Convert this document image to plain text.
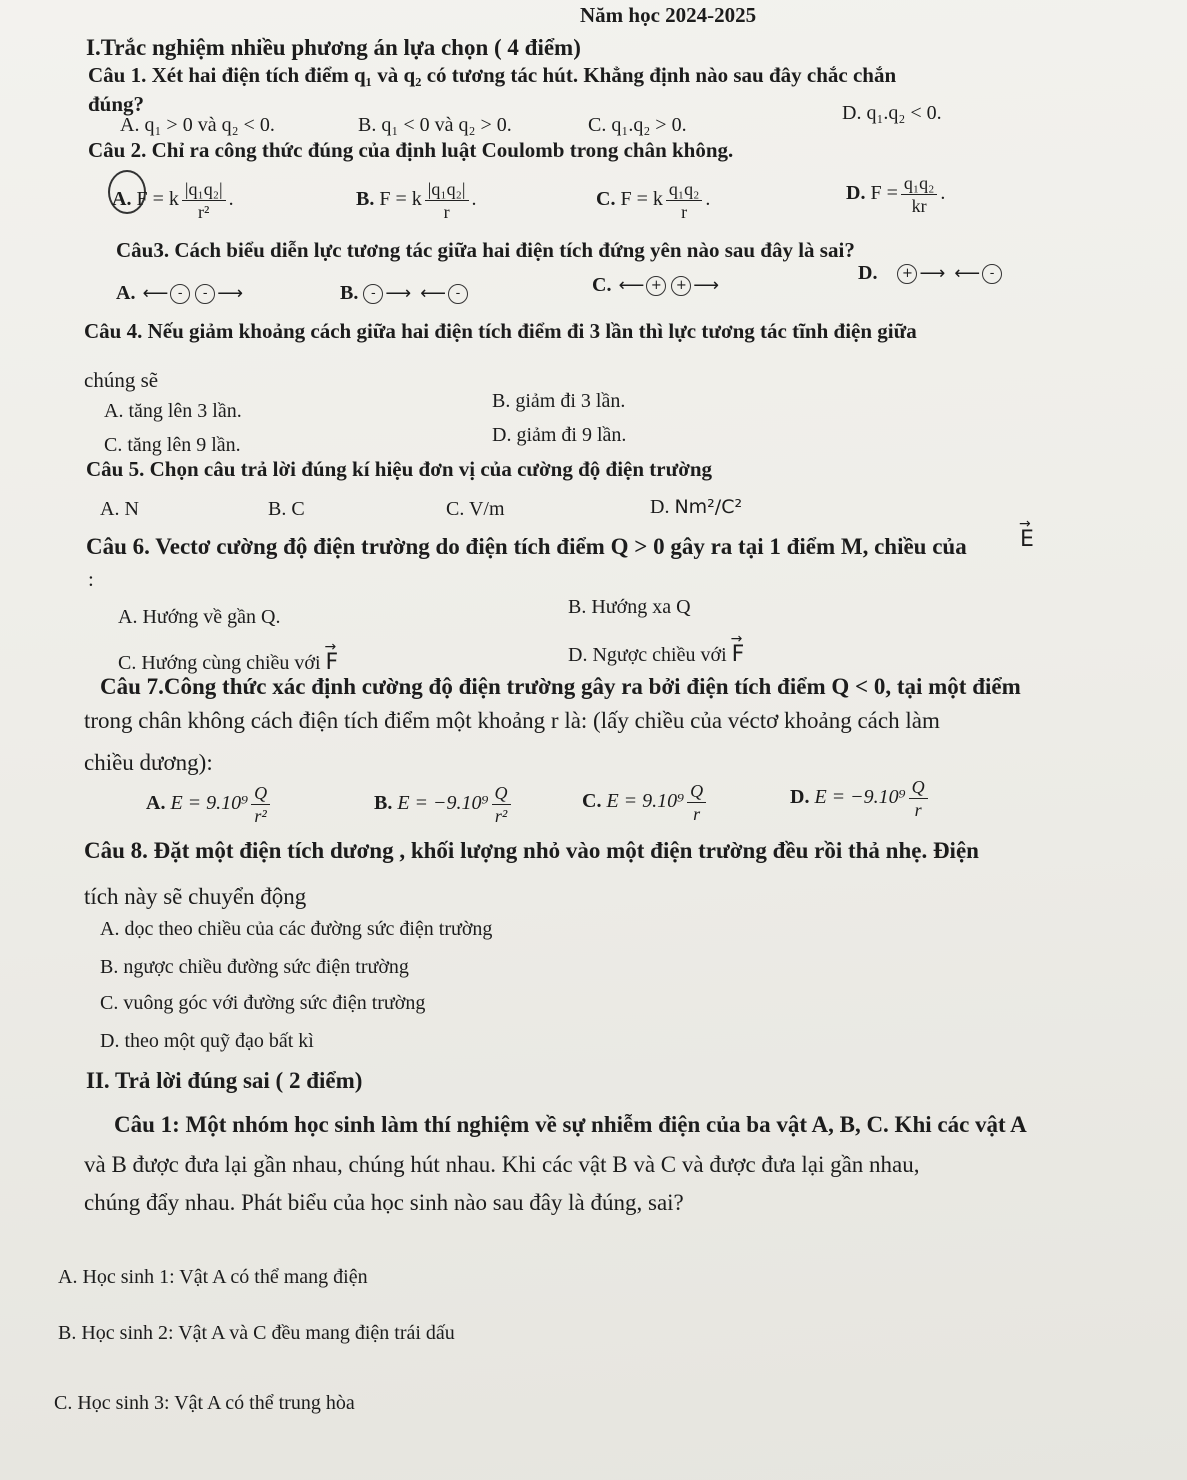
Năm học 2024-2025
I.Trắc nghiệm nhiều phương án lựa chọn ( 4 điểm)
Câu 1. Xét hai điện tích điểm q₁ và q₂ có tương tác hút. Khẳng định nào sau đây chắc chắn
đúng?
A. q₁ > 0 và q₂ < 0.	B. q₁ < 0 và q₂ > 0.	C. q₁.q₂ > 0.
D. q₁.q₂ < 0.
Câu 2. Chỉ ra công thức đúng của định luật Coulomb trong chân không.
A. F = k $\frac{\text{|q₁q₂|}}{\text{r²}}$ .	B. F = k $\frac{\text{|q₁q₂|}}{r}$ .	C. F = k $\frac{\text{q₁q₂}}{r}$ .	D. $F = \frac{\text{q₁q₂}}{kr}$ .
Câu3. Cách biểu diễn lực tương tác giữa hai điện tích đứng yên nào sau đây là sai?
A. ⟵ - - ⟶	B. - ⟶ ⟵ -	C. ⟵ + + ⟶
D. + ⟶ ⟵ -
Câu 4. Nếu giảm khoảng cách giữa hai điện tích điểm đi 3 lần thì lực tương tác tĩnh điện giữa
chúng sẽ
A. tăng lên 3 lần.	B. giảm đi 3 lần.
C. tăng lên 9 lần.	D. giảm đi 9 lần.
Câu 5. Chọn câu trả lời đúng kí hiệu đơn vị của cường độ điện trường
A. N	B. C	C. V/m	D. Nm²/C²
Câu 6. Vectơ cường độ điện trường do điện tích điểm Q > 0 gây ra tại 1 điểm M, chiều của → E
:
A. Hướng về gần Q.	B. Hướng xa Q
C. Hướng cùng chiều với → F	D. Ngược chiều với → F
Câu 7.Công thức xác định cường độ điện trường gây ra bởi điện tích điểm Q < 0, tại một điểm
trong chân không cách điện tích điểm một khoảng r là: (lấy chiều của véctơ khoảng cách làm
chiều dương):
A. $E = 9.10^9 \frac{Q}{\text{r²}}$	B. $E = -9.10^9 \frac{Q}{\text{r²}}$	C. $E = 9.10^9 \frac{Q}{r}$	D. $E = -9.10^9 \frac{Q}{r}$
Câu 8. Đặt một điện tích dương , khối lượng nhỏ vào một điện trường đều rồi thả nhẹ. Điện
tích này sẽ chuyển động
A. dọc theo chiều của các đường sức điện trường
B. ngược chiều đường sức điện trường
C. vuông góc với đường sức điện trường
D. theo một quỹ đạo bất kì
II. Trả lời đúng sai ( 2 điểm)
Câu 1: Một nhóm học sinh làm thí nghiệm về sự nhiễm điện của ba vật A, B, C. Khi các vật A
và B được đưa lại gần nhau, chúng hút nhau. Khi các vật B và C và được đưa lại gần nhau,
chúng đẩy nhau. Phát biểu của học sinh nào sau đây là đúng, sai?
A. Học sinh 1: Vật A có thể mang điện
B. Học sinh 2: Vật A và C đều mang điện trái dấu
C. Học sinh 3: Vật A có thể trung hòa
